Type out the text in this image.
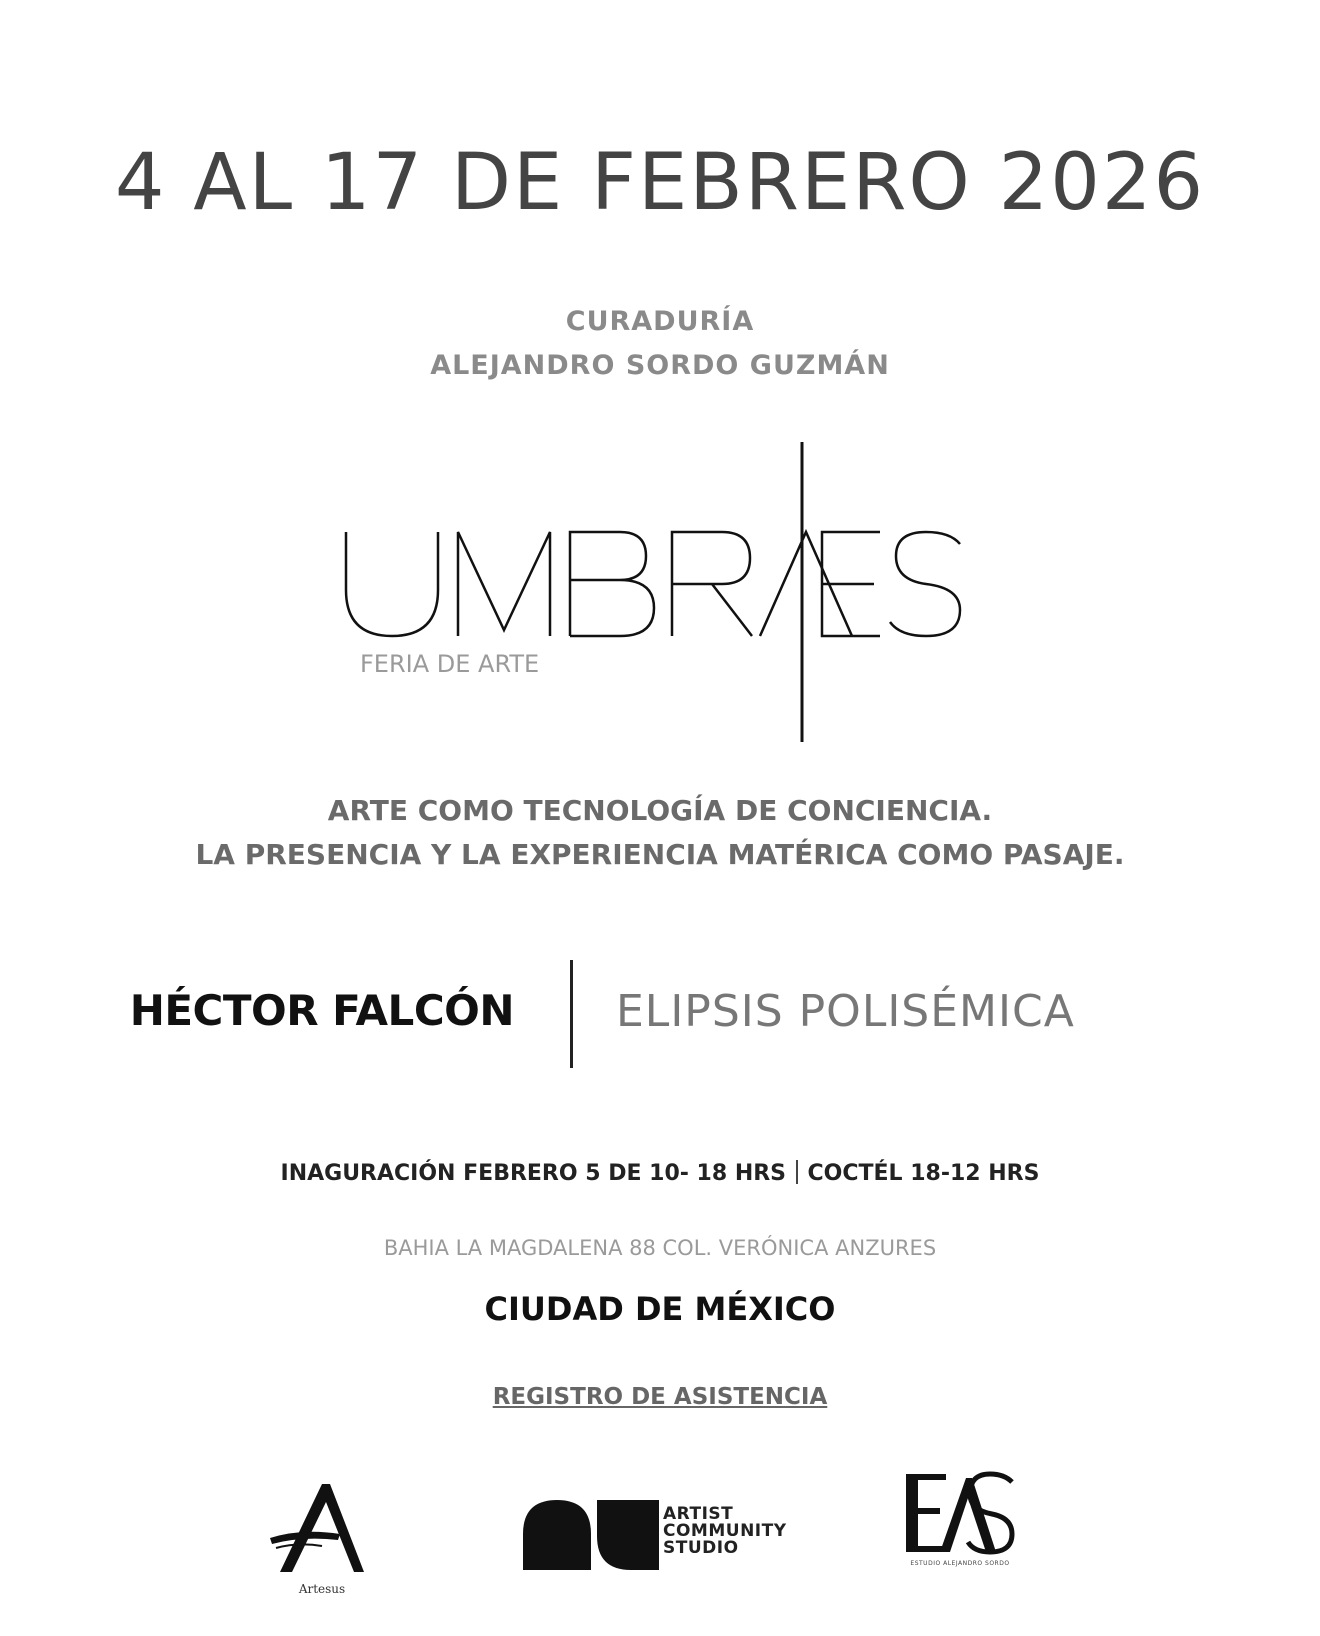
4 AL 17 DE FEBRERO 2026
CURADURÍA
ALEJANDRO SORDO GUZMÁN
FERIA DE ARTE
ARTE COMO TECNOLOGÍA DE CONCIENCIA.
LA PRESENCIA Y LA EXPERIENCIA MATÉRICA COMO PASAJE.
HÉCTOR FALCÓN ELIPSIS POLISÉMICA
INAGURACIÓN FEBRERO 5 DE 10- 18 HRS COCTÉL 18-12 HRS
BAHIA LA MAGDALENA 88 COL. VERÓNICA ANZURES
CIUDAD DE MÉXICO
REGISTRO DE ASISTENCIA
Artesus
ARTIST
COMMUNITY
STUDIO
ESTUDIO ALEJANDRO SORDO
